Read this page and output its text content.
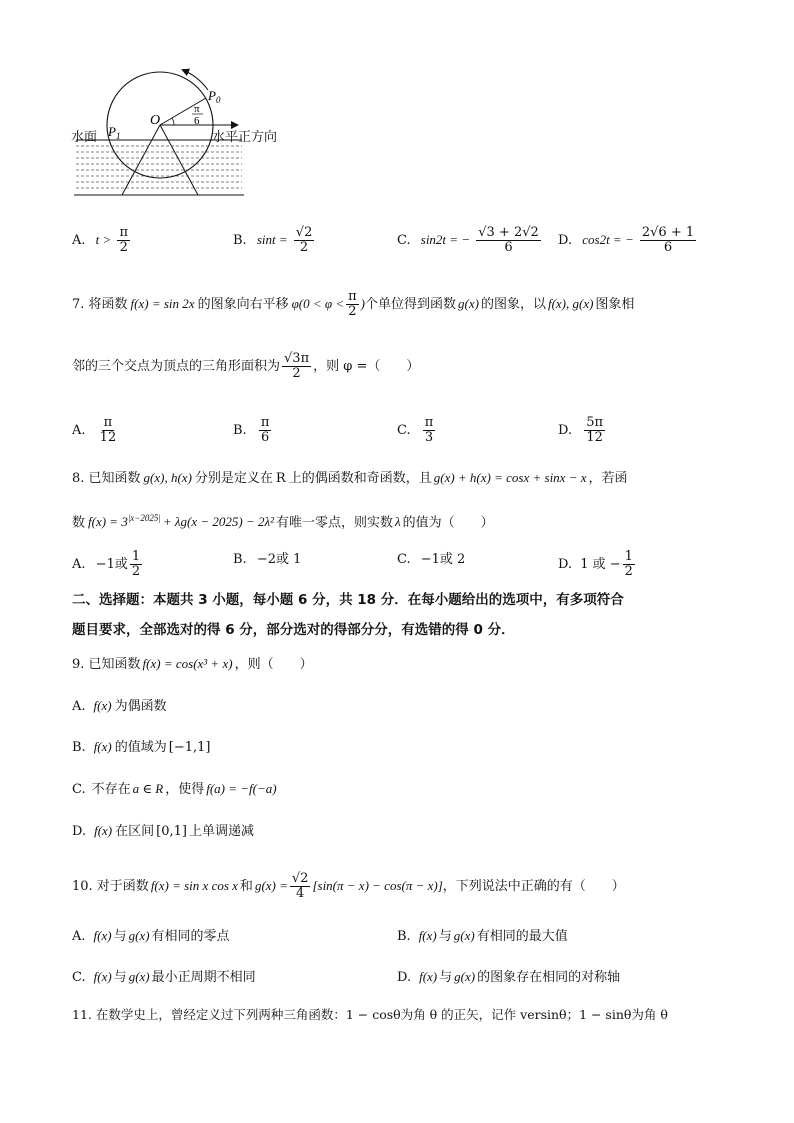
O
$P_0$
$P_1$
π
6
水面	水平正方向
A. $t > \frac{\pi}{2}$	B. $\sin t = \frac{√2}{2}$	C. sin2t = − $\frac{√3 + 2√2}{6} D$. cos2t = − $\frac{2√6 + 1}{6}$
7. 将函数 f(x) = sin 2x 的图象向右平移 $\varphi(0 < \varphi < \frac{\pi}{2}$ )个单位得到函数 g(x) 的图象，以 f(x), g(x) 图象相
邻的三个交点为顶点的三角形面积为 $\frac{√3\pi}{2}$ ，则 φ =（　　）
A. $\frac{\pi}{12}$	B. $\frac{\pi}{6}$	C. $\frac{\pi}{3}$	D. $\frac{5\pi}{12}$
8. 已知函数 g(x), h(x) 分别是定义在 R 上的偶函数和奇函数，且 g(x) + h(x) = cosx + sinx − x ，若函
数 $f(x) = 3^{|x-2025|} + \lambda g(x - 2025) - 2\lambda^2$ 有唯一零点，则实数 λ 的值为（　　）
A. −1或 $\frac{1}{2}$	B. −2或 1	C. −1或 2	D. 1 或 − $\frac{1}{2}$
二、选择题：本题共 3 小题，每小题 6 分，共 18 分．在每小题给出的选项中，有多项符合
题目要求，全部选对的得 6 分，部分选对的得部分分，有选错的得 0 分．
9. 已知函数 f(x) = cos(x³ + x) ，则（　　）
A. f(x) 为偶函数
B. f(x) 的值域为 [−1,1]
C. 不存在 a ∈ R ，使得 f(a) = −f(−a)
D. f(x) 在区间 [0,1] 上单调递减
10. 对于函数 f(x) = sin x cos x 和 $g(x) = \frac{√2}{4} [\sin(\pi - x) - \cos(\pi - x)]$，下列说法中正确的有（　　）
A. f(x) 与 g(x) 有相同的零点	B. f(x) 与 g(x) 有相同的最大值
C. f(x) 与 g(x) 最小正周期不相同	D. f(x) 与 g(x) 的图象存在相同的对称轴
11. 在数学史上，曾经定义过下列两种三角函数：1 − cosθ为角 θ 的正矢，记作 versinθ；1 − sinθ为角 θ
